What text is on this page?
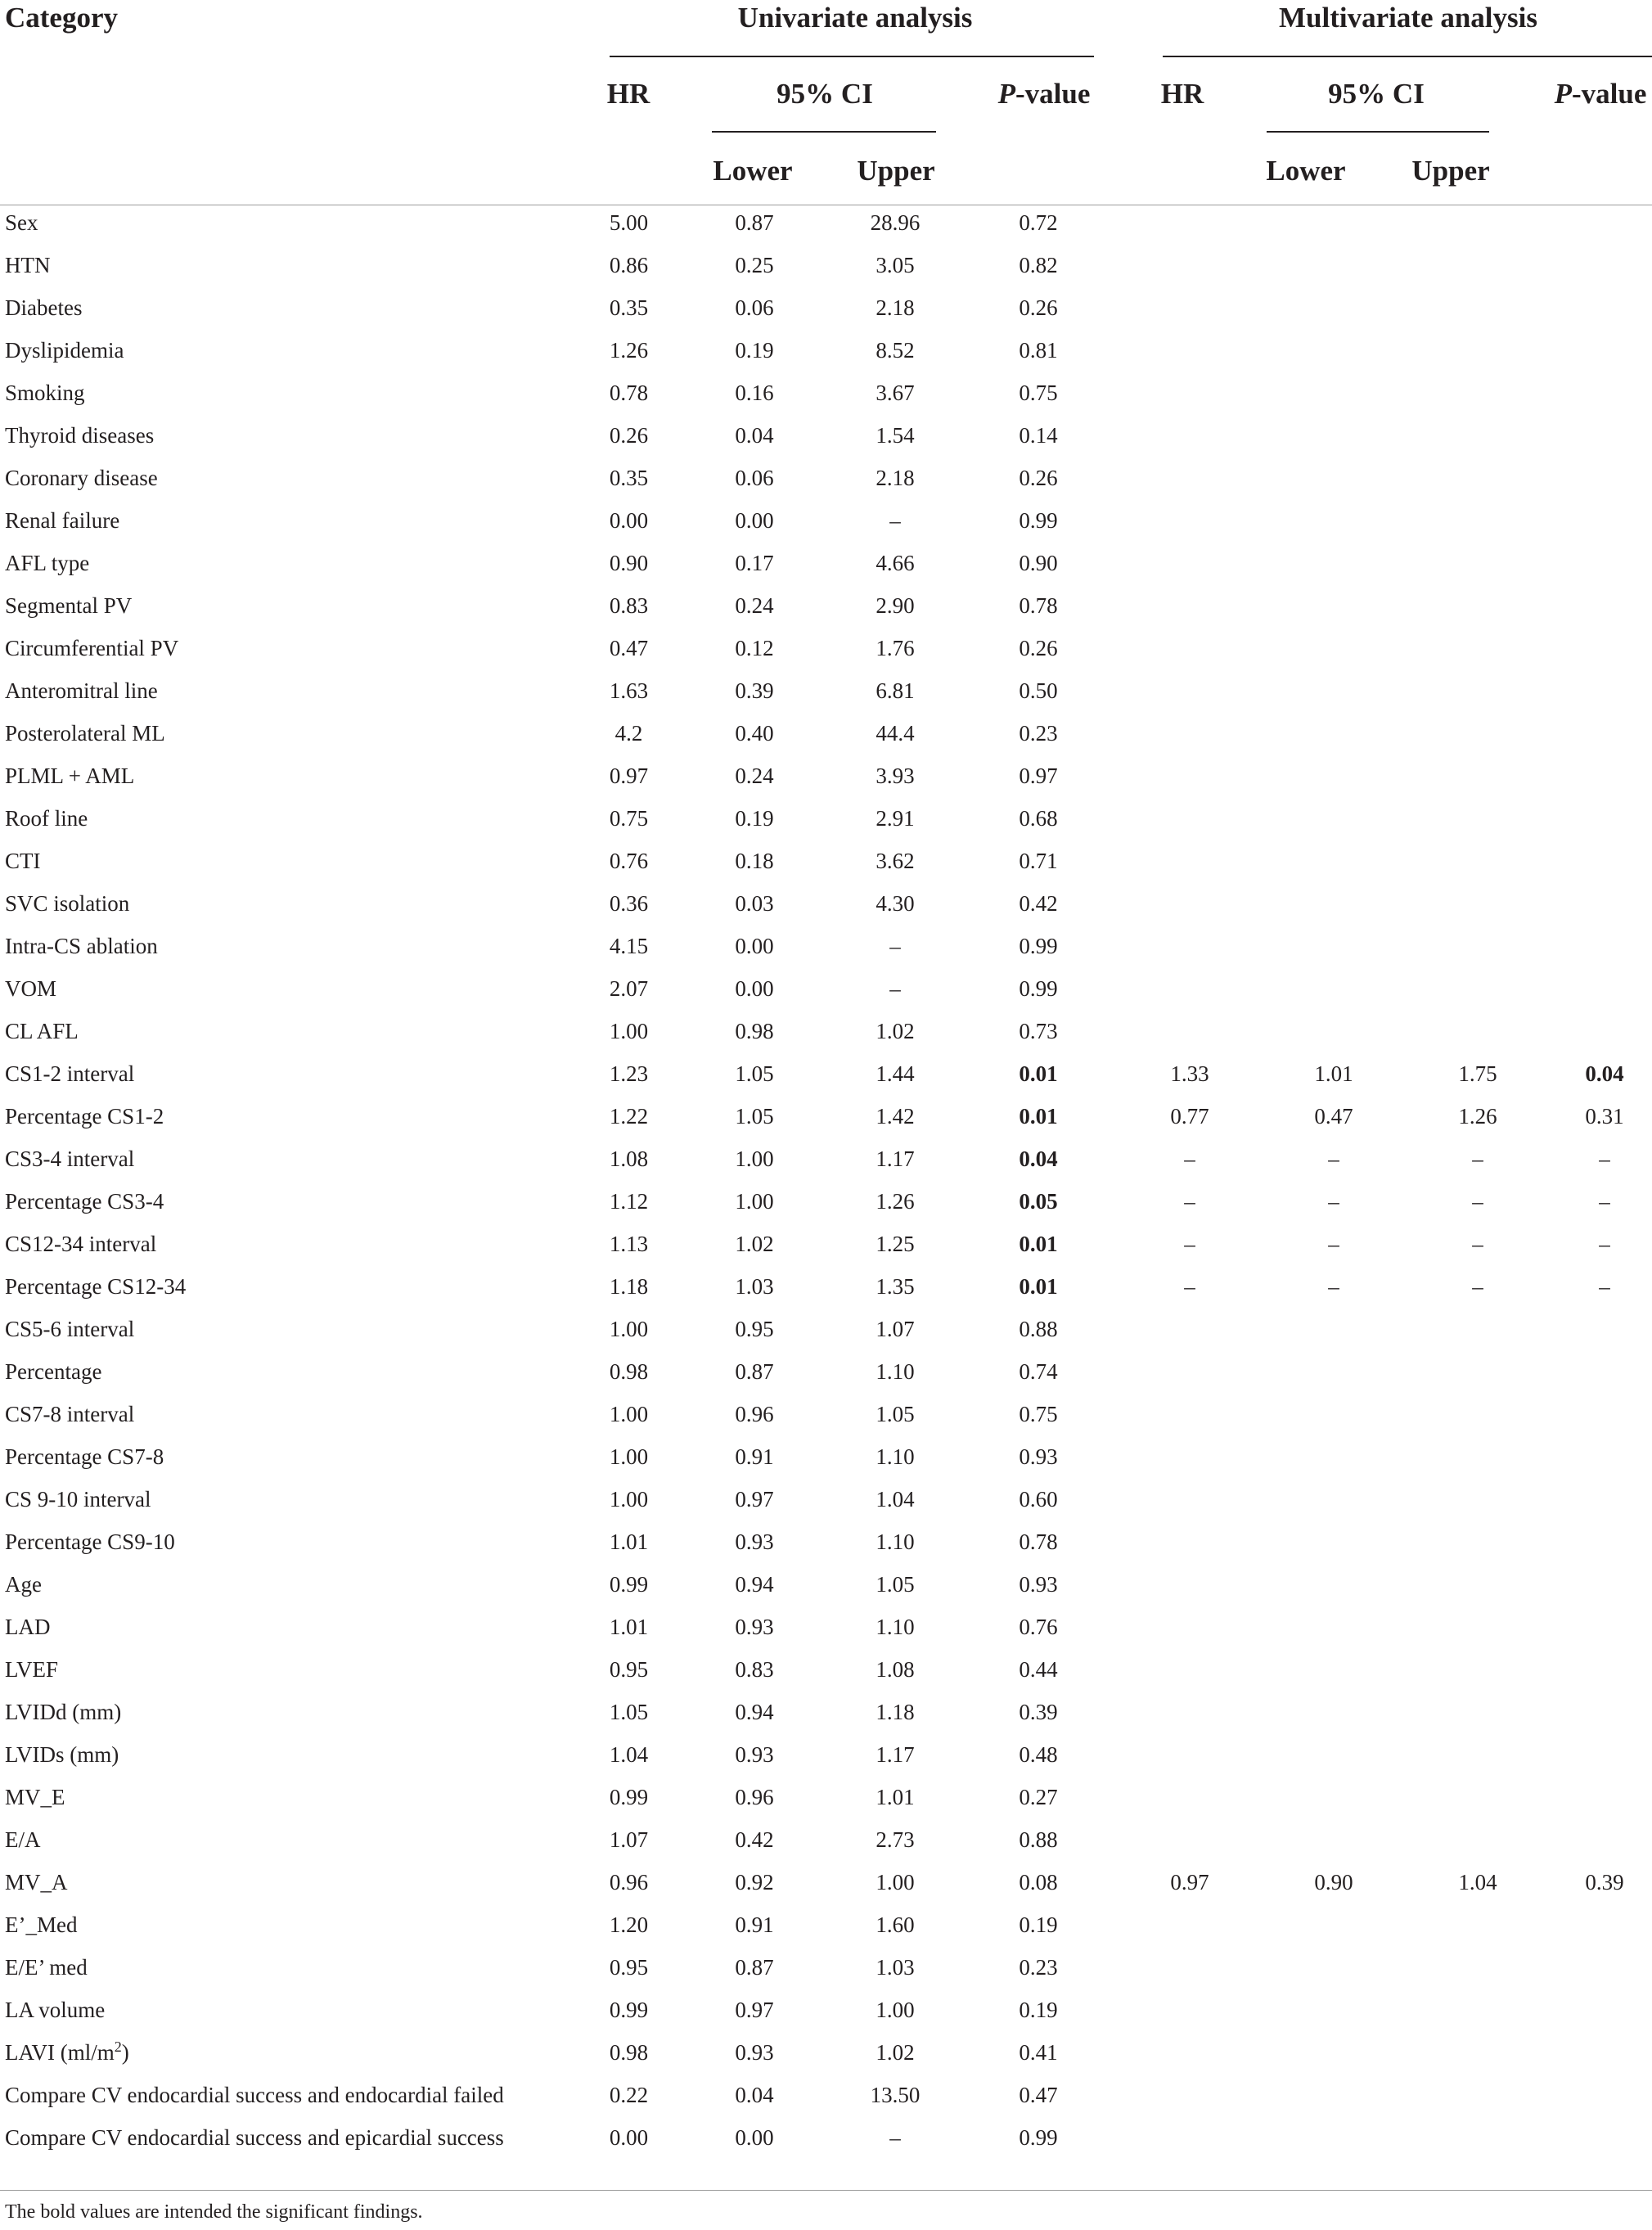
Category	Univariate analysis	Multivariate analysis
HR	95% CI	P-value	HR	95% CI	P-value
Lower	Upper	Lower	Upper
Sex	5.00	0.87	28.96	0.72				
HTN	0.86	0.25	3.05	0.82				
Diabetes	0.35	0.06	2.18	0.26				
Dyslipidemia	1.26	0.19	8.52	0.81				
Smoking	0.78	0.16	3.67	0.75				
Thyroid diseases	0.26	0.04	1.54	0.14				
Coronary disease	0.35	0.06	2.18	0.26				
Renal failure	0.00	0.00	–	0.99				
AFL type	0.90	0.17	4.66	0.90				
Segmental PV	0.83	0.24	2.90	0.78				
Circumferential PV	0.47	0.12	1.76	0.26				
Anteromitral line	1.63	0.39	6.81	0.50				
Posterolateral ML	4.2	0.40	44.4	0.23				
PLML + AML	0.97	0.24	3.93	0.97				
Roof line	0.75	0.19	2.91	0.68				
CTI	0.76	0.18	3.62	0.71				
SVC isolation	0.36	0.03	4.30	0.42				
Intra-CS ablation	4.15	0.00	–	0.99				
VOM	2.07	0.00	–	0.99				
CL AFL	1.00	0.98	1.02	0.73				
CS1-2 interval	1.23	1.05	1.44	0.01	1.33	1.01	1.75	0.04
Percentage CS1-2	1.22	1.05	1.42	0.01	0.77	0.47	1.26	0.31
CS3-4 interval	1.08	1.00	1.17	0.04	–	–	–	–
Percentage CS3-4	1.12	1.00	1.26	0.05	–	–	–	–
CS12-34 interval	1.13	1.02	1.25	0.01	–	–	–	–
Percentage CS12-34	1.18	1.03	1.35	0.01	–	–	–	–
CS5-6 interval	1.00	0.95	1.07	0.88				
Percentage	0.98	0.87	1.10	0.74				
CS7-8 interval	1.00	0.96	1.05	0.75				
Percentage CS7-8	1.00	0.91	1.10	0.93				
CS 9-10 interval	1.00	0.97	1.04	0.60				
Percentage CS9-10	1.01	0.93	1.10	0.78				
Age	0.99	0.94	1.05	0.93				
LAD	1.01	0.93	1.10	0.76				
LVEF	0.95	0.83	1.08	0.44				
LVIDd (mm)	1.05	0.94	1.18	0.39				
LVIDs (mm)	1.04	0.93	1.17	0.48				
MV_E	0.99	0.96	1.01	0.27				
E/A	1.07	0.42	2.73	0.88				
MV_A	0.96	0.92	1.00	0.08	0.97	0.90	1.04	0.39
E’_Med	1.20	0.91	1.60	0.19				
E/E’ med	0.95	0.87	1.03	0.23				
LA volume	0.99	0.97	1.00	0.19				
LAVI $(ml/m^2)$	0.98	0.93	1.02	0.41				
Compare CV endocardial success and endocardial failed	0.22	0.04	13.50	0.47				
Compare CV endocardial success and epicardial success	0.00	0.00	–	0.99				
The bold values are intended the significant findings.
